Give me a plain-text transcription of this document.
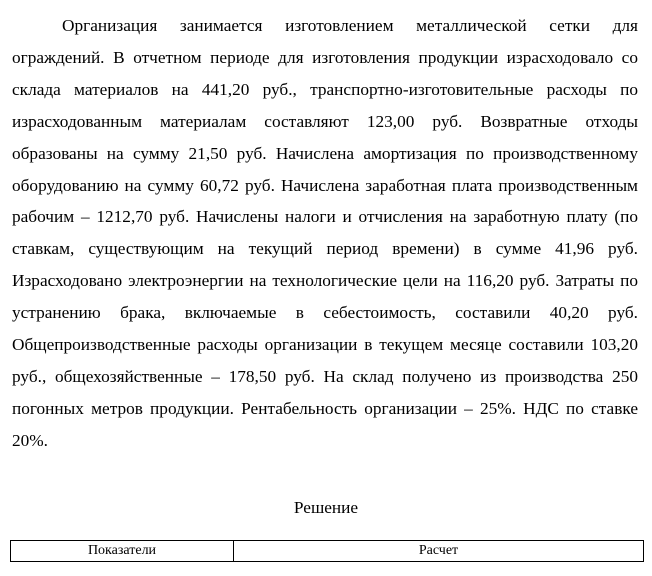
Организация занимается изготовлением металлической сетки для ограждений. В отчетном периоде для изготовления продукции израсходовало со склада материалов на 441,20 руб., транспортно-изготовительные расходы по израсходованным материалам составляют 123,00 руб. Возвратные отходы образованы на сумму 21,50 руб. Начислена амортизация по производственному оборудованию на сумму 60,72 руб. Начислена заработная плата производственным рабочим – 1212,70 руб. Начислены налоги и отчисления на заработную плату (по ставкам, существующим на текущий период времени) в сумме 41,96 руб. Израсходовано электроэнергии на технологические цели на 116,20 руб. Затраты по устранению брака, включаемые в себестоимость, составили 40,20 руб. Общепроизводственные расходы организации в текущем месяце составили 103,20 руб., общехозяйственные – 178,50 руб. На склад получено из производства 250 погонных метров продукции. Рентабельность организации – 25%. НДС по ставке 20%.

Решение

Показатели	Расчет
